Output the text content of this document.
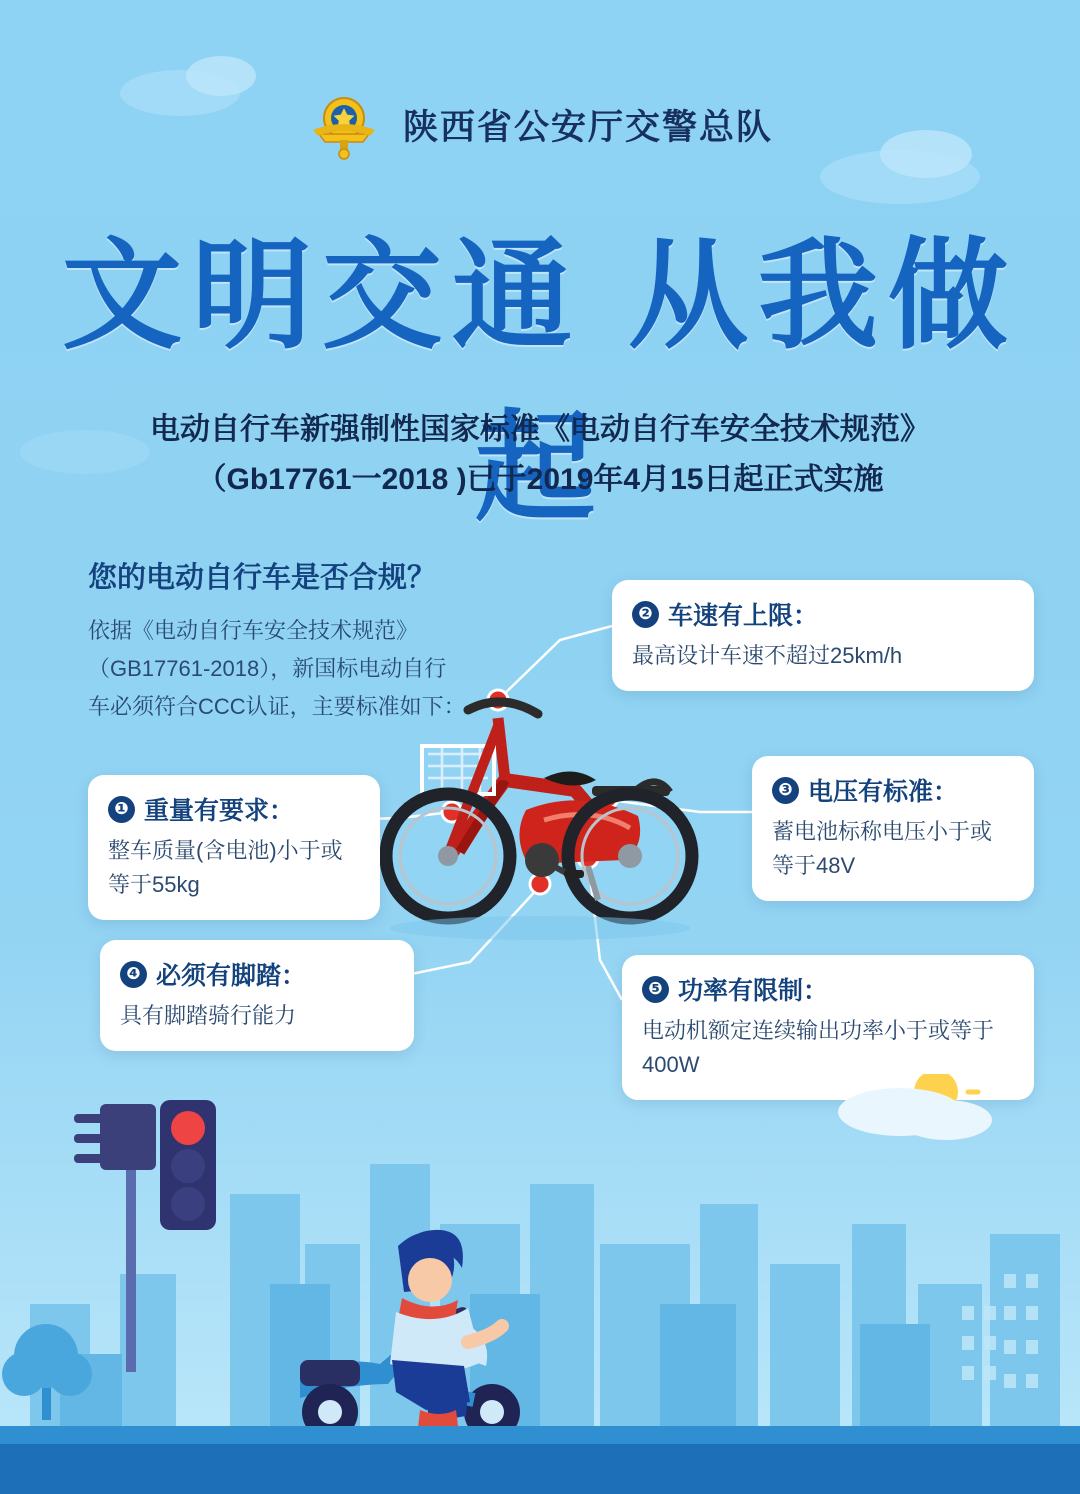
陕西省公安厅交警总队
文明交通 从我做起
电动自行车新强制性国家标准《电动自行车安全技术规范》
（Gb17761一2018 )已于2019年4月15日起正式实施
您的电动自行车是否合规？

依据《电动自行车安全技术规范》（GB17761-2018），新国标电动自行车必须符合CCC认证，主要标准如下：

❶ 重量有要求：
整车质量(含电池)小于或等于55kg
❷ 车速有上限：
最高设计车速不超过25km/h
❸ 电压有标准：
蓄电池标称电压小于或等于48V
❹ 必须有脚踏：
具有脚踏骑行能力
❺ 功率有限制：
电动机额定连续输出功率小于或等于400W
